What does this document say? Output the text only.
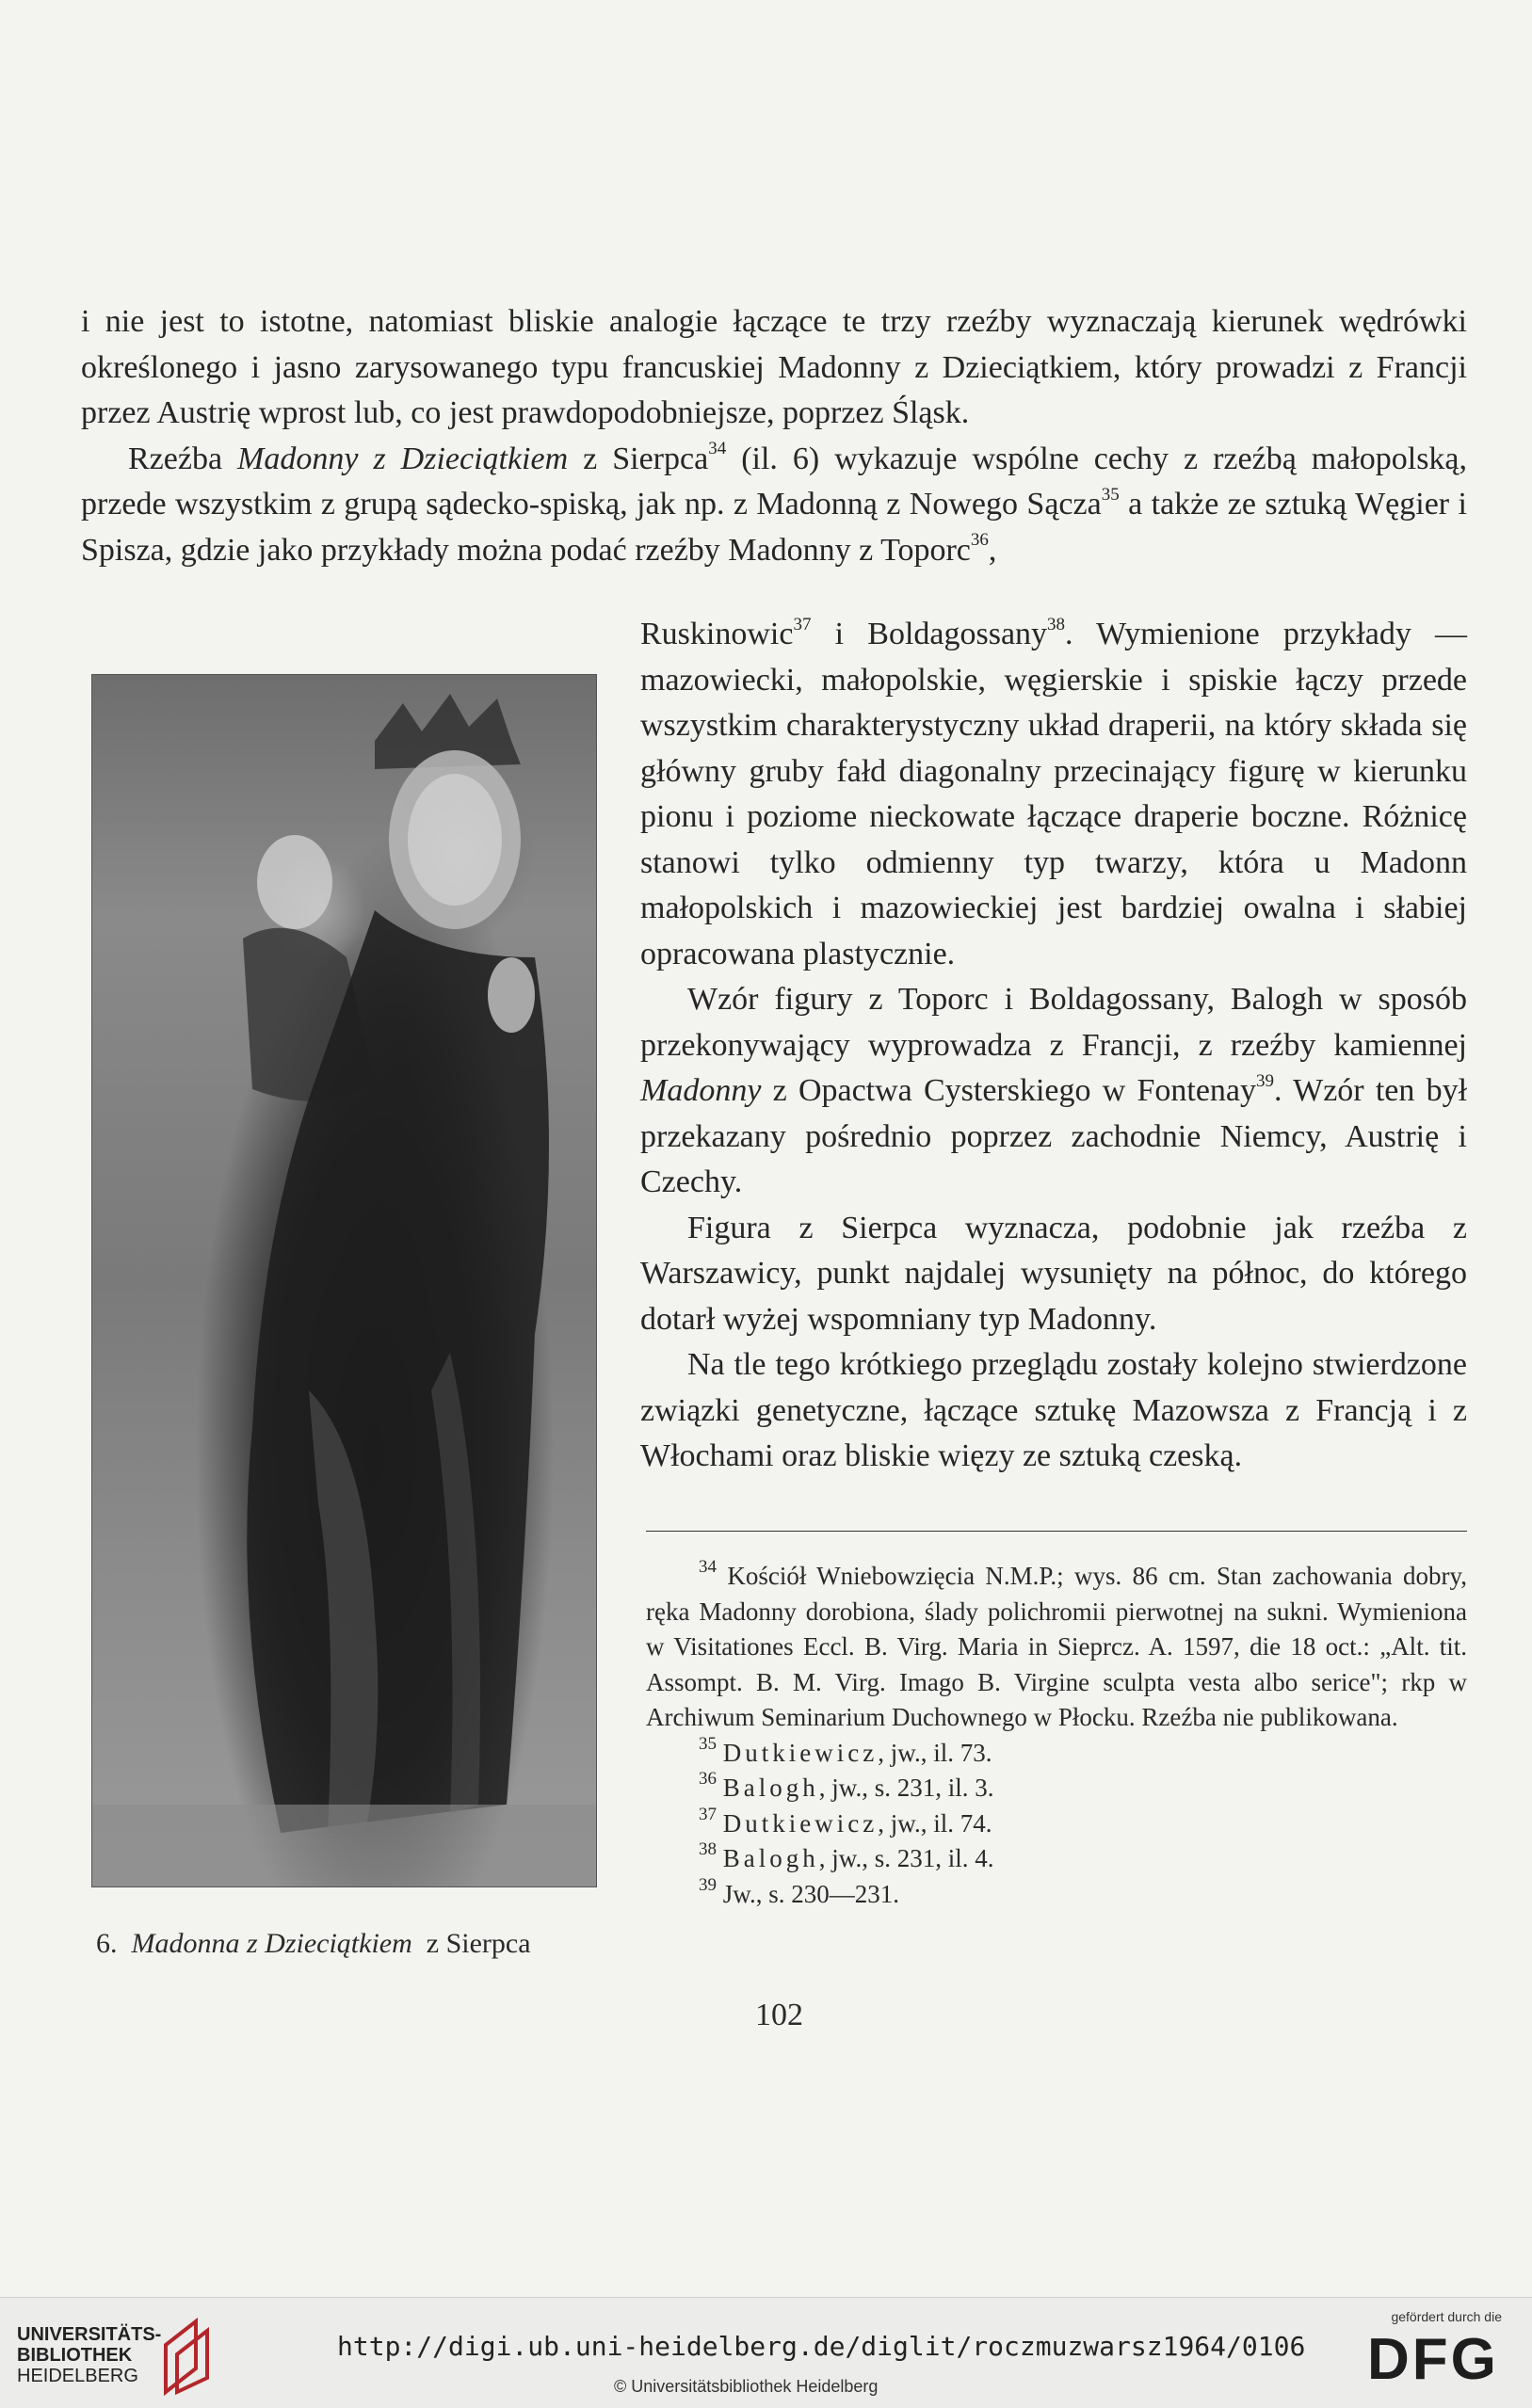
i nie jest to istotne, natomiast bliskie analogie łączące te trzy rzeźby wyznaczają kierunek wędrówki określonego i jasno zarysowanego typu francuskiej Madonny z Dzieciątkiem, który prowadzi z Francji przez Austrię wprost lub, co jest prawdopodobniejsze, poprzez Śląsk.

Rzeźba Madonny z Dzieciątkiem z Sierpca$^{34}$ (il. 6) wykazuje wspólne cechy z rzeźbą małopolską, przede wszystkim z grupą sądecko-spiską, jak np. z Madonną z Nowego Sącza$^{35}$ a także ze sztuką Węgier i Spisza, gdzie jako przykłady można podać rzeźby Madonny z Toporc$^{36}$,

Ruskinowic$^{37}$ i Boldagossany$^{38}$. Wymienione przykłady — mazowiecki, małopolskie, węgierskie i spiskie łączy przede wszystkim charakterystyczny układ draperii, na który składa się główny gruby fałd diagonalny przecinający figurę w kierunku pionu i poziome nieckowate łączące draperie boczne. Różnicę stanowi tylko odmienny typ twarzy, która u Madonn małopolskich i mazowieckiej jest bardziej owalna i słabiej opracowana plastycznie.

Wzór figury z Toporc i Boldagossany, Balogh w sposób przekonywający wyprowadza z Francji, z rzeźby kamiennej Madonny z Opactwa Cysterskiego w Fontenay$^{39}$. Wzór ten był przekazany pośrednio poprzez zachodnie Niemcy, Austrię i Czechy.

Figura z Sierpca wyznacza, podobnie jak rzeźba z Warszawicy, punkt najdalej wysunięty na północ, do którego dotarł wyżej wspomniany typ Madonny.

Na tle tego krótkiego przeglądu zostały kolejno stwierdzone związki genetyczne, łączące sztukę Mazowsza z Francją i z Włochami oraz bliskie więzy ze sztuką czeską.

6. Madonna z Dzieciątkiem z Sierpca

$^{34}$ Kościół Wniebowzięcia N.M.P.; wys. 86 cm. Stan zachowania dobry, ręka Madonny dorobiona, ślady polichromii pierwotnej na sukni. Wymieniona w Visitationes Eccl. B. Virg. Maria in Sieprcz. A. 1597, die 18 oct.: „Alt. tit. Assompt. B. M. Virg. Imago B. Virgine sculpta vesta albo serice"; rkp w Archiwum Seminarium Duchownego w Płocku. Rzeźba nie publikowana.

$^{35}$ Dutkiewicz, jw., il. 73.

$^{36}$ Balogh, jw., s. 231, il. 3.

$^{37}$ Dutkiewicz, jw., il. 74.

$^{38}$ Balogh, jw., s. 231, il. 4.

$^{39}$ Jw., s. 230—231.

102
UNIVERSITÄTS-
BIBLIOTHEK
HEIDELBERG
http://digi.ub.uni-heidelberg.de/diglit/roczmuzwarsz1964/0106
© Universitätsbibliothek Heidelberg
gefördert durch die
DFG
